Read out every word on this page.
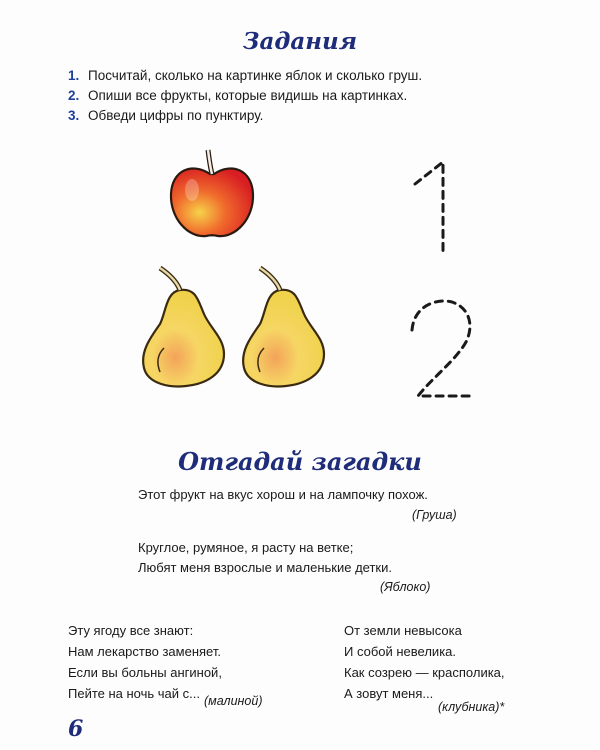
Задания
1. Посчитай, сколько на картинке яблок и сколько груш.
2. Опиши все фрукты, которые видишь на картинках.
3. Обведи цифры по пунктиру.
Отгадай загадки
Этот фрукт на вкус хорош и на лампочку похож.
(Груша)
Круглое, румяное, я расту на ветке;
Любят меня взрослые и маленькие детки.
(Яблоко)
Эту ягоду все знают:
Нам лекарство заменяет.
Если вы больны ангиной,
Пейте на ночь чай с... (малиной)
От земли невысока
И собой невелика.
Как созрею — красполика,
А зовут меня...
(клубника)*
6
